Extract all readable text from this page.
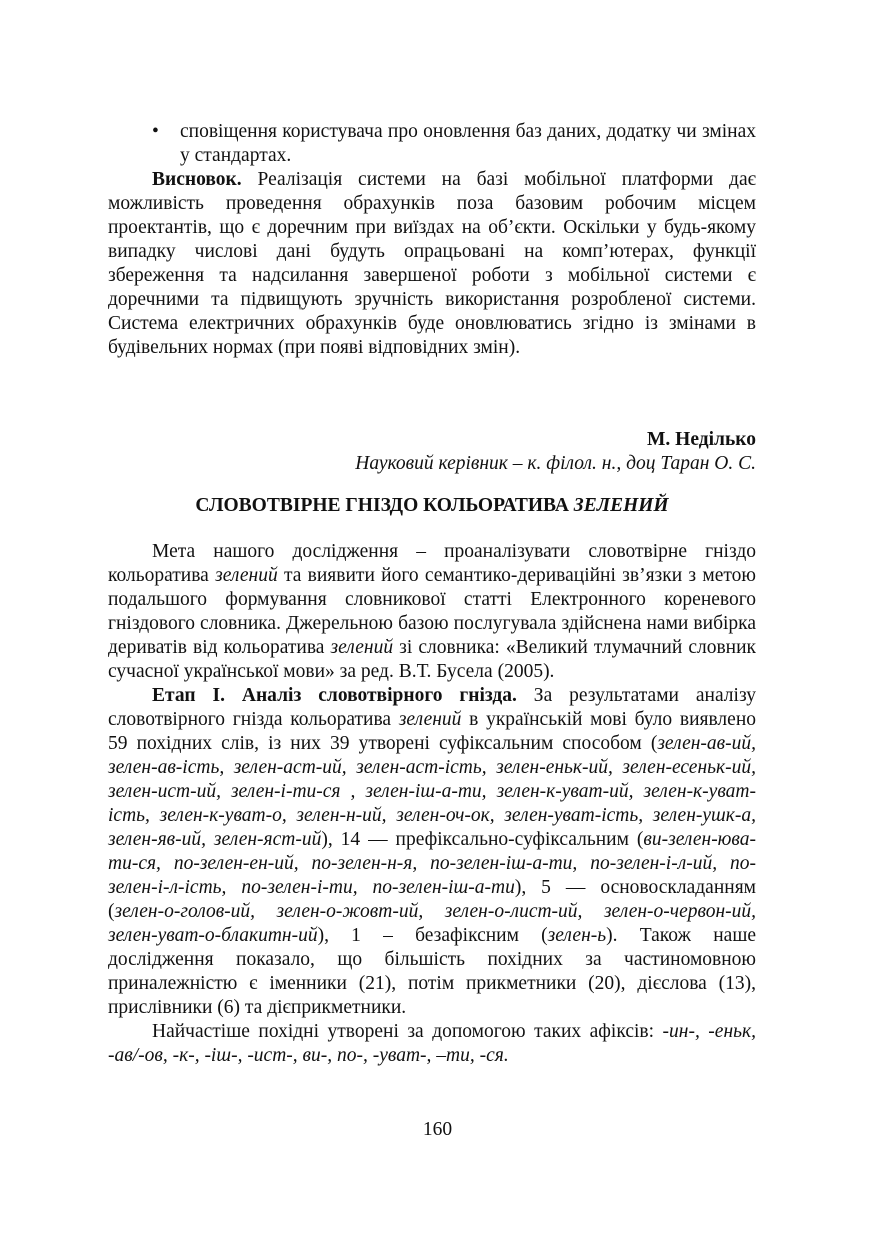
• сповіщення користувача про оновлення баз даних, додатку чи змінах у стандартах.

Висновок. Реалізація системи на базі мобільної платформи дає можливість проведення обрахунків поза базовим робочим місцем проектантів, що є доречним при виїздах на об’єкти. Оскільки у будь-якому випадку числові дані будуть опрацьовані на комп’ютерах, функції збереження та надсилання завершеної роботи з мобільної системи є доречними та підвищують зручність використання розробленої системи. Система електричних обрахунків буде оновлюватись згідно із змінами в будівельних нормах (при появі відповідних змін).

М. Неділько

Науковий керівник – к. філол. н., доц Таран О. С.

СЛОВОТВІРНЕ ГНІЗДО КОЛЬОРАТИВА ЗЕЛЕНИЙ

Мета нашого дослідження – проаналізувати словотвірне гніздо кольоратива зелений та виявити його семантико-дериваційні зв’язки з метою подальшого формування словникової статті Електронного кореневого гніздового словника. Джерельною базою послугувала здійснена нами вибірка дериватів від кольоратива зелений зі словника: «Великий тлумачний словник сучасної української мови» за ред. В.Т. Бусела (2005).

Етап І. Аналіз словотвірного гнізда. За результатами аналізу словотвірного гнізда кольоратива зелений в українській мові було виявлено 59 похідних слів, із них 39 утворені суфіксальним способом (зелен-ав-ий, зелен-ав-ість, зелен-аст-ий, зелен-аст-ість, зелен-еньк-ий, зелен-есеньк-ий, зелен-ист-ий, зелен-і-ти-ся , зелен-іш-а-ти, зелен-к-уват-ий, зелен-к-уват-ість, зелен-к-уват-о, зелен-н-ий, зелен-оч-ок, зелен-уват-ість, зелен-ушк-а, зелен-яв-ий, зелен-яст-ий), 14 — префіксально-суфіксальним (ви-зелен-юва-ти-ся, по-зелен-ен-ий, по-зелен-н-я, по-зелен-іш-а-ти, по-зелен-і-л-ий, по-зелен-і-л-ість, по-зелен-і-ти, по-зелен-іш-а-ти), 5 — основоскладанням (зелен-о-голов-ий, зелен-о-жовт-ий, зелен-о-лист-ий, зелен-о-червон-ий, зелен-уват-о-блакитн-ий), 1 – безафіксним (зелен-ь). Також наше дослідження показало, що більшість похідних за частиномовною приналежністю є іменники (21), потім прикметники (20), дієслова (13), прислівники (6) та дієприкметники.

Найчастіше похідні утворені за допомогою таких афіксів: -ин-, -еньк, -ав/-ов, -к-, -іш-, -ист-, ви-, по-, -уват-, –ти, -ся.

160
